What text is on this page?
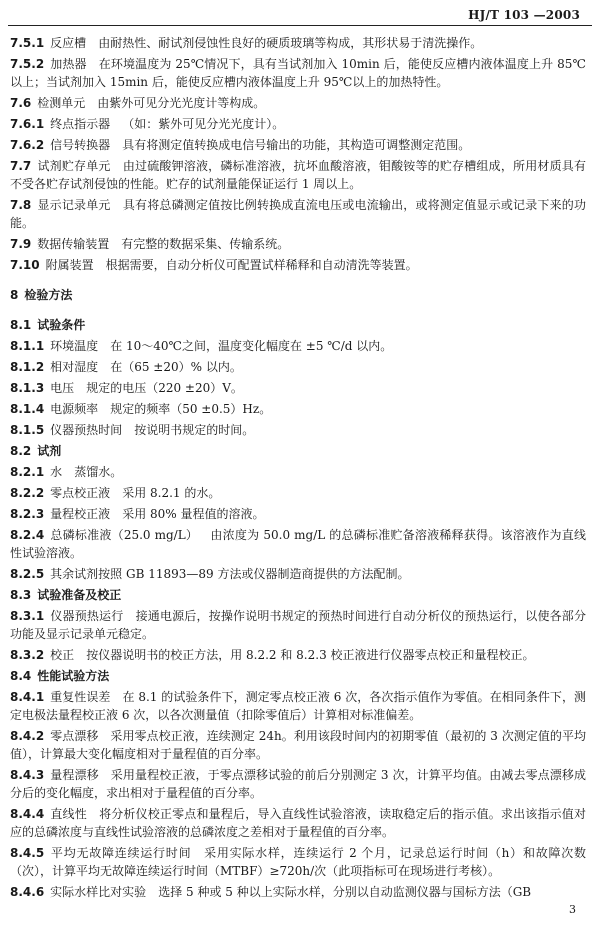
HJ/T 103 —2003
7.5.1  反应槽  由耐热性、耐试剂侵蚀性良好的硬质玻璃等构成，其形状易于清洗操作。
7.5.2  加热器  在环境温度为 25℃情况下，具有当试剂加入 10min 后，能使反应槽内液体温度上升 85℃以上；当试剂加入 15min 后，能使反应槽内液体温度上升 95℃以上的加热特性。
7.6  检测单元  由紫外可见分光光度计等构成。
7.6.1  终点指示器  （如：紫外可见分光光度计）。
7.6.2  信号转换器  具有将测定值转换成电信号输出的功能，其构造可调整测定范围。
7.7  试剂贮存单元  由过硫酸钾溶液，磷标准溶液，抗坏血酸溶液，钼酸铵等的贮存槽组成，所用材质具有不受各贮存试剂侵蚀的性能。贮存的试剂量能保证运行 1 周以上。
7.8  显示记录单元  具有将总磷测定值按比例转换成直流电压或电流输出，或将测定值显示或记录下来的功能。
7.9  数据传输装置  有完整的数据采集、传输系统。
7.10  附属装置  根据需要，自动分析仪可配置试样稀释和自动清洗等装置。
8  检验方法 
8.1  试验条件 
8.1.1  环境温度  在 10～40℃之间，温度变化幅度在 ±5 ℃/d 以内。
8.1.2  相对湿度  在（65 ±20）% 以内。
8.1.3  电压  规定的电压（220 ±20）V。
8.1.4  电源频率  规定的频率（50 ±0.5）Hz。
8.1.5  仪器预热时间  按说明书规定的时间。
8.2  试剂 
8.2.1  水  蒸馏水。
8.2.2  零点校正液  采用 8.2.1 的水。
8.2.3  量程校正液  采用 80% 量程值的溶液。
8.2.4  总磷标准液（25.0 mg/L）  由浓度为 50.0 mg/L 的总磷标准贮备溶液稀释获得。该溶液作为直线性试验溶液。
8.2.5  其余试剂按照 GB 11893—89 方法或仪器制造商提供的方法配制。
8.3  试验准备及校正 
8.3.1  仪器预热运行  接通电源后，按操作说明书规定的预热时间进行自动分析仪的预热运行，以使各部分功能及显示记录单元稳定。
8.3.2  校正  按仪器说明书的校正方法，用 8.2.2 和 8.2.3 校正液进行仪器零点校正和量程校正。
8.4  性能试验方法 
8.4.1  重复性误差  在 8.1 的试验条件下，测定零点校正液 6 次，各次指示值作为零值。在相同条件下，测定电极法量程校正液 6 次，以各次测量值（扣除零值后）计算相对标准偏差。
8.4.2  零点漂移  采用零点校正液，连续测定 24h。利用该段时间内的初期零值（最初的 3 次测定值的平均值），计算最大变化幅度相对于量程值的百分率。
8.4.3  量程漂移  采用量程校正液，于零点漂移试验的前后分别测定 3 次，计算平均值。由减去零点漂移成分后的变化幅度，求出相对于量程值的百分率。
8.4.4  直线性  将分析仪校正零点和量程后，导入直线性试验溶液，读取稳定后的指示值。求出该指示值对应的总磷浓度与直线性试验溶液的总磷浓度之差相对于量程值的百分率。
8.4.5  平均无故障连续运行时间  采用实际水样，连续运行 2 个月，记录总运行时间（h）和故障次数（次），计算平均无故障连续运行时间（MTBF）≥720h/次（此项指标可在现场进行考核）。
8.4.6  实际水样比对实验  选择 5 种或 5 种以上实际水样，分别以自动监测仪器与国标方法（GB
3
